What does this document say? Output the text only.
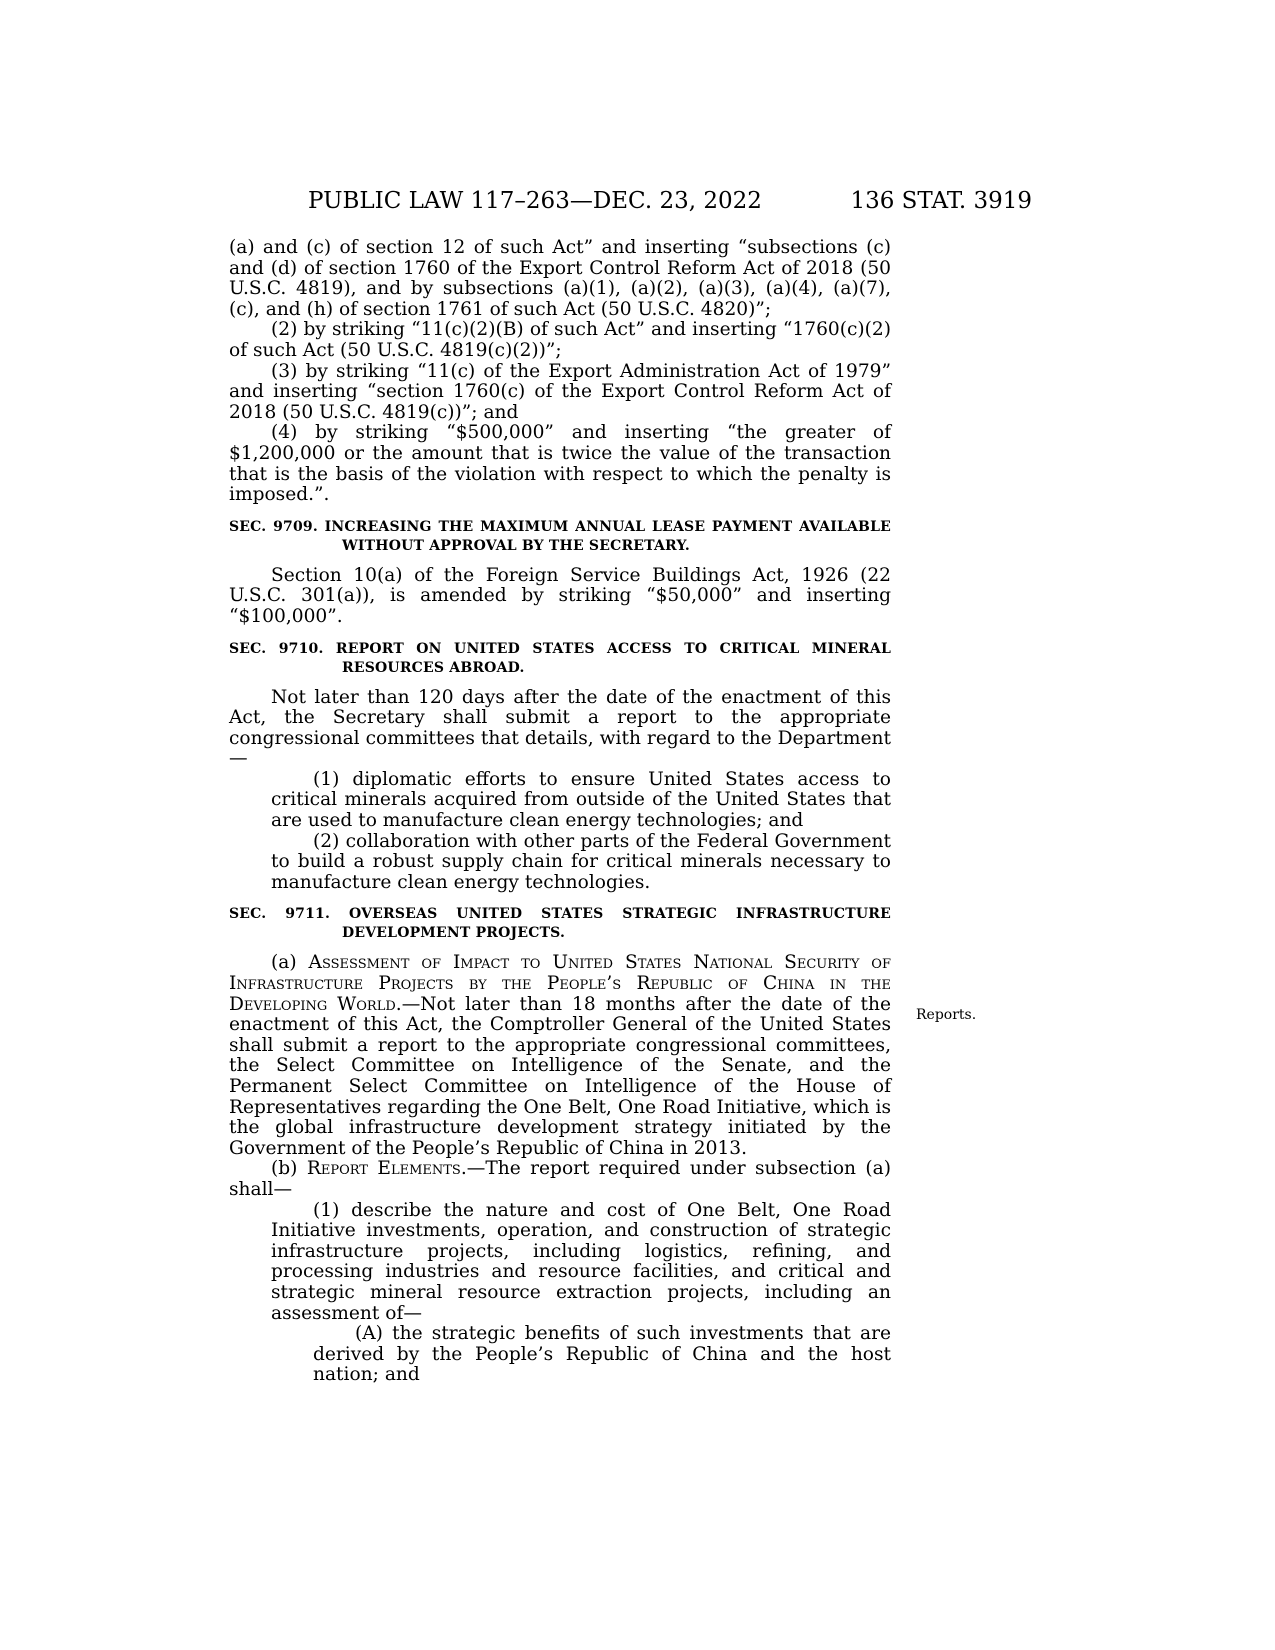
PUBLIC LAW 117–263—DEC. 23, 2022	136 STAT. 3919

(a) and (c) of section 12 of such Act” and inserting “subsections (c) and (d) of section 1760 of the Export Control Reform Act of 2018 (50 U.S.C. 4819), and by subsections (a)(1), (a)(2), (a)(3), (a)(4), (a)(7), (c), and (h) of section 1761 of such Act (50 U.S.C. 4820)”;

(2) by striking “11(c)(2)(B) of such Act” and inserting “1760(c)(2) of such Act (50 U.S.C. 4819(c)(2))”;

(3) by striking “11(c) of the Export Administration Act of 1979” and inserting “section 1760(c) of the Export Control Reform Act of 2018 (50 U.S.C. 4819(c))”; and

(4) by striking “$500,000” and inserting “the greater of $1,200,000 or the amount that is twice the value of the transaction that is the basis of the violation with respect to which the penalty is imposed.”.

SEC. 9709. INCREASING THE MAXIMUM ANNUAL LEASE PAYMENT AVAILABLE WITHOUT APPROVAL BY THE SECRETARY.

Section 10(a) of the Foreign Service Buildings Act, 1926 (22 U.S.C. 301(a)), is amended by striking “$50,000” and inserting “$100,000”.

SEC. 9710. REPORT ON UNITED STATES ACCESS TO CRITICAL MINERAL RESOURCES ABROAD.

Not later than 120 days after the date of the enactment of this Act, the Secretary shall submit a report to the appropriate congressional committees that details, with regard to the Department—

(1) diplomatic efforts to ensure United States access to critical minerals acquired from outside of the United States that are used to manufacture clean energy technologies; and

(2) collaboration with other parts of the Federal Government to build a robust supply chain for critical minerals necessary to manufacture clean energy technologies.

SEC. 9711. OVERSEAS UNITED STATES STRATEGIC INFRASTRUCTURE DEVELOPMENT PROJECTS.

(a) Assessment of Impact to United States National Security of Infrastructure Projects by the People’s Republic of China in the Developing World.—Not later than 18 months after the date of the enactment of this Act, the Comptroller General of the United States shall submit a report to the appropriate congressional committees, the Select Committee on Intelligence of the Senate, and the Permanent Select Committee on Intelligence of the House of Representatives regarding the One Belt, One Road Initiative, which is the global infrastructure development strategy initiated by the Government of the People’s Republic of China in 2013.

(b) Report Elements.—The report required under subsection (a) shall—

(1) describe the nature and cost of One Belt, One Road Initiative investments, operation, and construction of strategic infrastructure projects, including logistics, refining, and processing industries and resource facilities, and critical and strategic mineral resource extraction projects, including an assessment of—

(A) the strategic benefits of such investments that are derived by the People’s Republic of China and the host nation; and

Reports.
